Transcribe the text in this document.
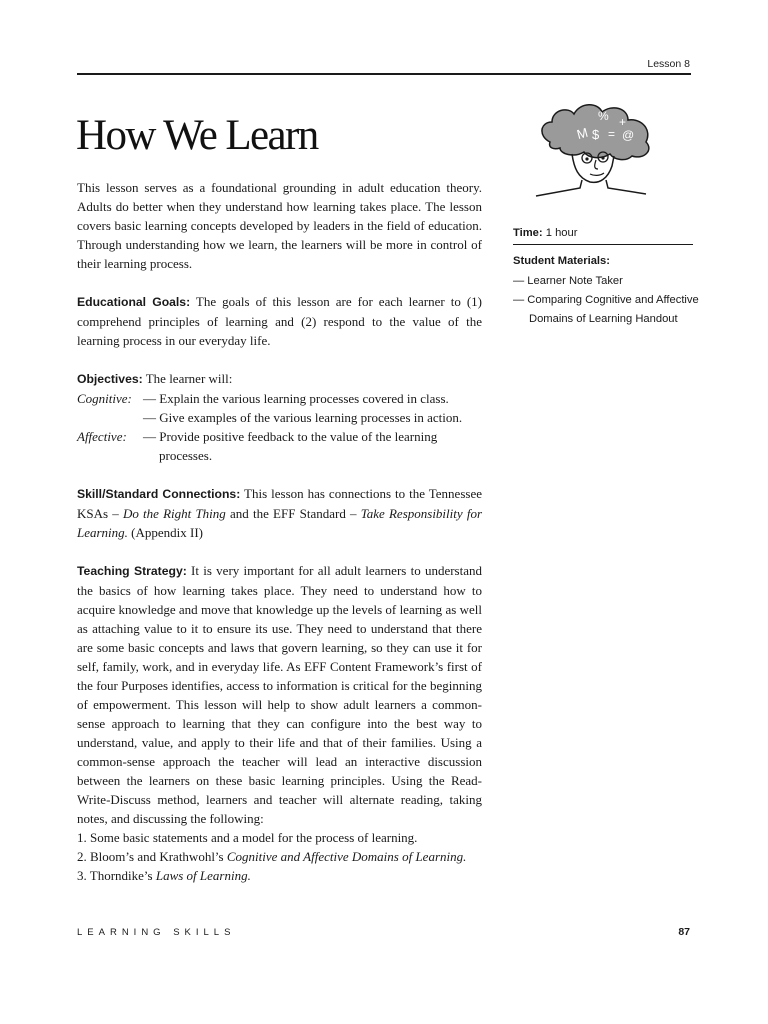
Lesson 8
How We Learn	% +
M $ = @

This lesson serves as a foundational grounding in adult education theory. Adults do better when they understand how learning takes place. The lesson covers basic learning concepts developed by leaders in the field of education. Through understanding how we learn, the learners will be more in control of their learning process.

Educational Goals: The goals of this lesson are for each learner to (1) comprehend principles of learning and (2) respond to the value of the learning process in our everyday life.

Objectives: The learner will:
Cognitive: — Explain the various learning processes covered in class.
— Give examples of the various learning processes in action.
Affective:	— Provide positive feedback to the value of the learning processes.

Skill/Standard Connections: This lesson has connections to the Tennessee KSAs – Do the Right Thing and the EFF Standard – Take Responsibility for Learning. (Appendix II)

Teaching Strategy: It is very important for all adult learners to understand the basics of how learning takes place. They need to understand how to acquire knowledge and move that knowledge up the levels of learning as well as attaching value to it to ensure its use. They need to understand that there are some basic concepts and laws that govern learning, so they can use it for self, family, work, and in everyday life. As EFF Content Framework’s first of the four Purposes identifies, access to information is critical for the beginning of empowerment. This lesson will help to show adult learners a common-sense approach to learning that they can configure into the best way to understand, value, and apply to their life and that of their families. Using a common-sense approach the teacher will lead an interactive discussion between the learners on these basic learning principles. Using the Read-Write-Discuss method, learners and teacher will alternate reading, taking notes, and discussing the following:

1. Some basic statements and a model for the process of learning.
2. Bloom’s and Krathwohl’s Cognitive and Affective Domains of Learning.
3. Thorndike’s Laws of Learning.
Time: 1 hour
Student Materials:
— Learner Note Taker
— Comparing Cognitive and Affective Domains of Learning Handout
LEARNING SKILLS	87
